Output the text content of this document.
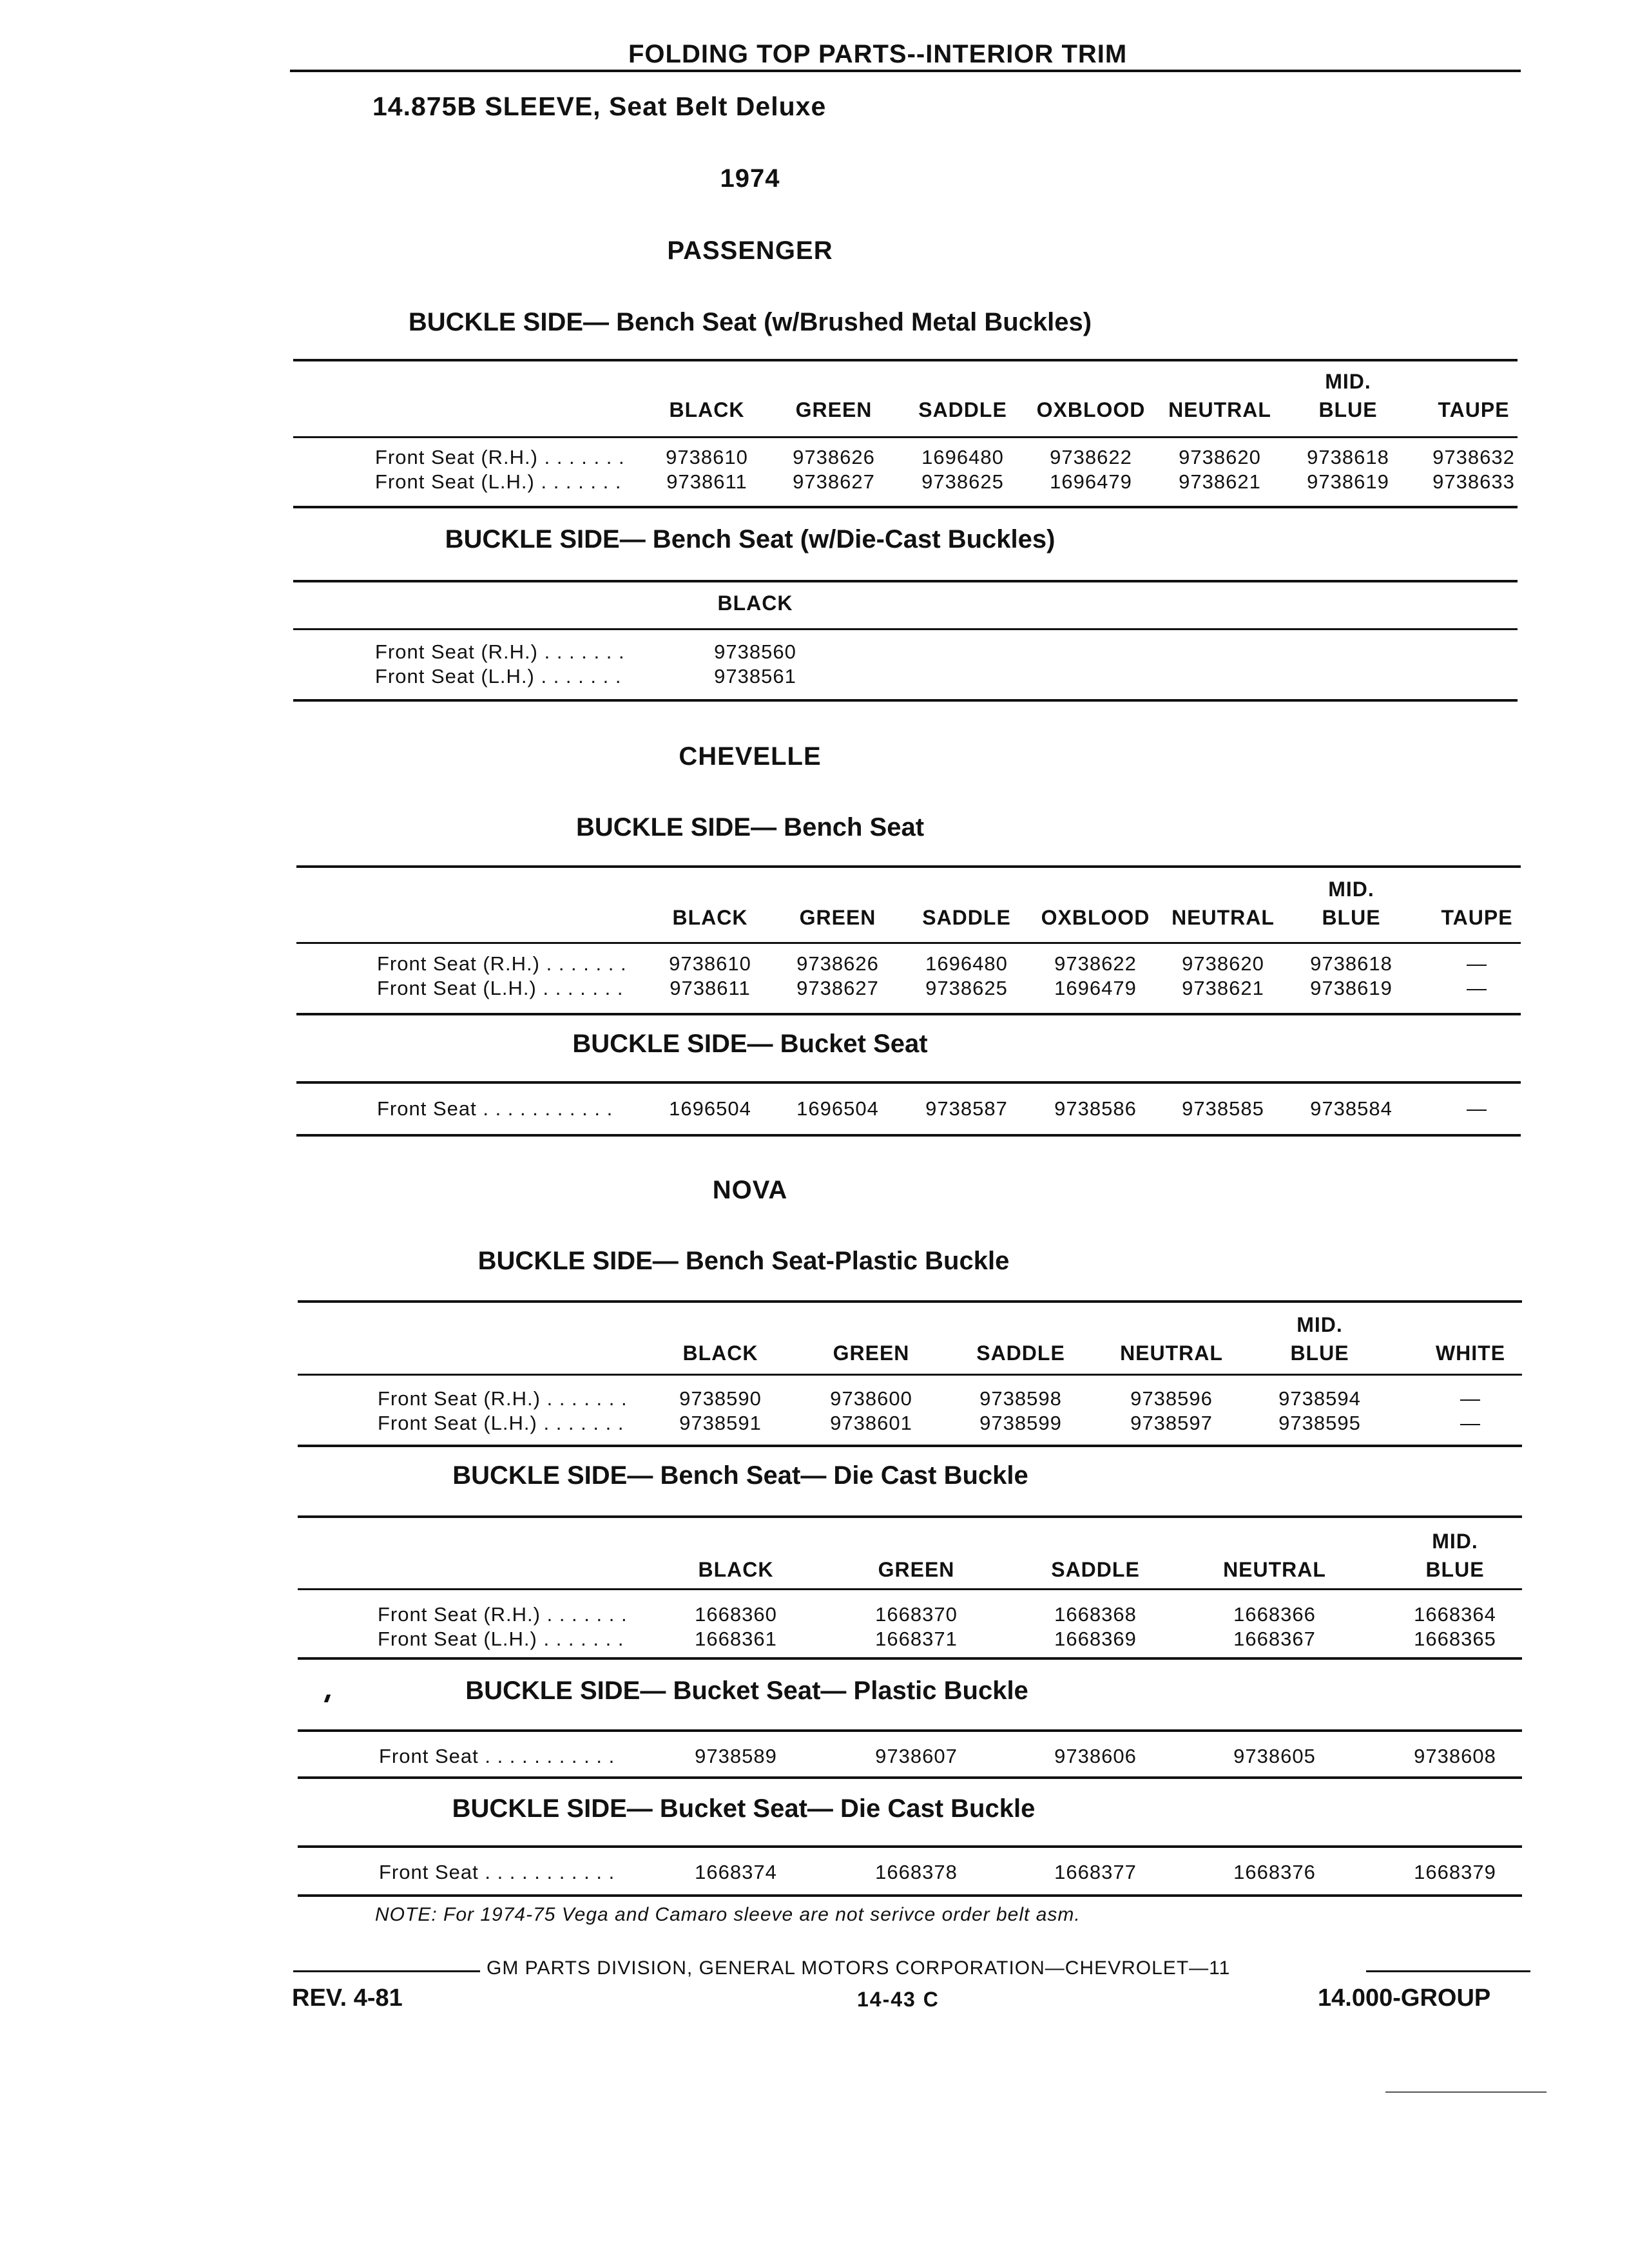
FOLDING TOP PARTS--INTERIOR TRIM
14.875B SLEEVE, Seat Belt Deluxe
1974
PASSENGER
BUCKLE SIDE— Bench Seat (w/Brushed Metal Buckles)
BLACK	GREEN	SADDLE	OXBLOOD	NEUTRAL
MID.
BLUE	TAUPE
Front Seat (R.H.) . . . . . . .	9738610	9738626	1696480	9738622	9738620	9738618	9738632
Front Seat (L.H.) . . . . . . .	9738611	9738627	9738625	1696479	9738621	9738619	9738633
BUCKLE SIDE— Bench Seat (w/Die-Cast Buckles)
BLACK
Front Seat (R.H.) . . . . . . .	9738560
Front Seat (L.H.) . . . . . . .	9738561
CHEVELLE
BUCKLE SIDE— Bench Seat
BLACK	GREEN	SADDLE	OXBLOOD	NEUTRAL
MID.
BLUE	TAUPE
Front Seat (R.H.) . . . . . . .	9738610	9738626	1696480	9738622	9738620	9738618	—
Front Seat (L.H.) . . . . . . .	9738611	9738627	9738625	1696479	9738621	9738619	—
BUCKLE SIDE— Bucket Seat
Front Seat . . . . . . . . . . .	1696504	1696504	9738587	9738586	9738585	9738584	—
NOVA
BUCKLE SIDE— Bench Seat-Plastic Buckle
BLACK	GREEN	SADDLE	NEUTRAL
MID.
BLUE	WHITE
Front Seat (R.H.) . . . . . . .	9738590	9738600	9738598	9738596	9738594	—
Front Seat (L.H.) . . . . . . .	9738591	9738601	9738599	9738597	9738595	—
BUCKLE SIDE— Bench Seat— Die Cast Buckle
BLACK	GREEN	SADDLE	NEUTRAL
MID.
BLUE
Front Seat (R.H.) . . . . . . .	1668360	1668370	1668368	1668366	1668364
Front Seat (L.H.) . . . . . . .	1668361	1668371	1668369	1668367	1668365
BUCKLE SIDE— Bucket Seat— Plastic Buckle
Front Seat . . . . . . . . . . .	9738589	9738607	9738606	9738605	9738608
BUCKLE SIDE— Bucket Seat— Die Cast Buckle
Front Seat . . . . . . . . . . .	1668374	1668378	1668377	1668376	1668379
NOTE: For 1974-75 Vega and Camaro sleeve are not serivce order belt asm.
GM PARTS DIVISION, GENERAL MOTORS CORPORATION—CHEVROLET—11
REV. 4-81	14-43 C	14.000-GROUP
